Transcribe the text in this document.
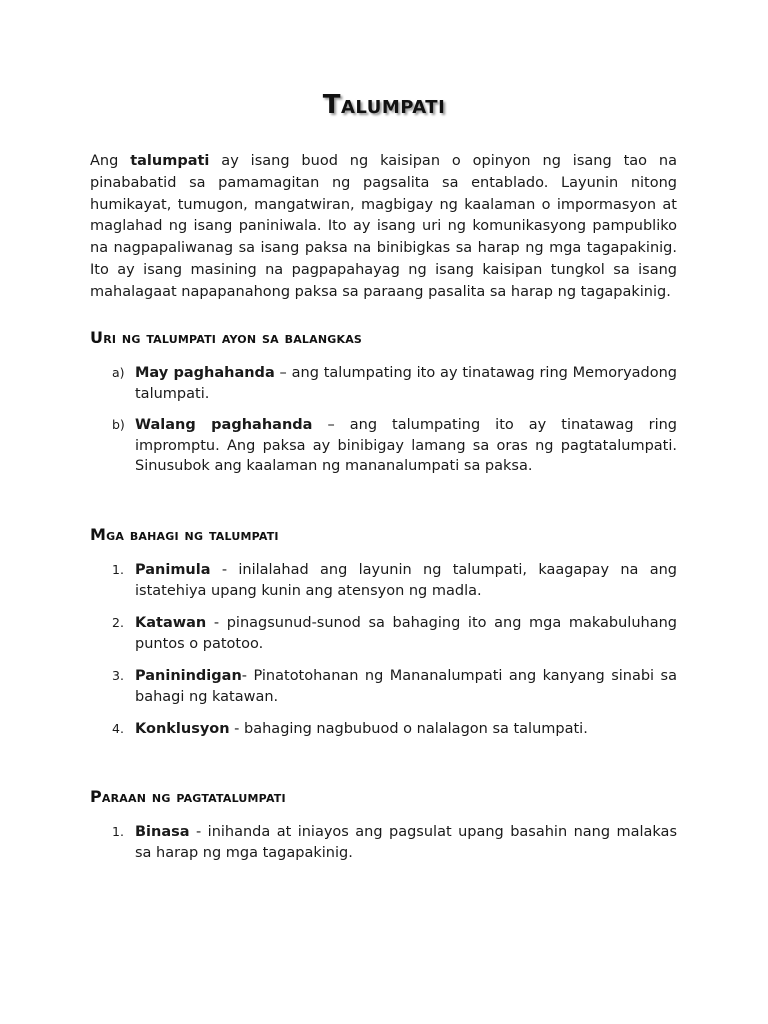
Talumpati

Ang talumpati ay isang buod ng kaisipan o opinyon ng isang tao na pinababatid sa pamamagitan ng pagsalita sa entablado. Layunin nitong humikayat, tumugon, mangatwiran, magbigay ng kaalaman o impormasyon at maglahad ng isang paniniwala. Ito ay isang uri ng komunikasyong pampubliko na nagpapaliwanag sa isang paksa na binibigkas sa harap ng mga tagapakinig. Ito ay isang masining na pagpapahayag ng isang kaisipan tungkol sa isang mahalagaat napapanahong paksa sa paraang pasalita sa harap ng tagapakinig.

Uri ng talumpati ayon sa balangkas
a) May paghahanda – ang talumpating ito ay tinatawag ring Memoryadong talumpati.
b) Walang paghahanda – ang talumpating ito ay tinatawag ring impromptu. Ang paksa ay binibigay lamang sa oras ng pagtatalumpati. Sinusubok ang kaalaman ng mananalumpati sa paksa.
Mga bahagi ng talumpati
1. Panimula - inilalahad ang layunin ng talumpati, kaagapay na ang istatehiya upang kunin ang atensyon ng madla.
2. Katawan - pinagsunud-sunod sa bahaging ito ang mga makabuluhang puntos o patotoo.
3. Paninindigan- Pinatotohanan ng Mananalumpati ang kanyang sinabi sa bahagi ng katawan.
4. Konklusyon - bahaging nagbubuod o nalalagon sa talumpati.
Paraan ng pagtatalumpati
1. Binasa - inihanda at iniayos ang pagsulat upang basahin nang malakas sa harap ng mga tagapakinig.
